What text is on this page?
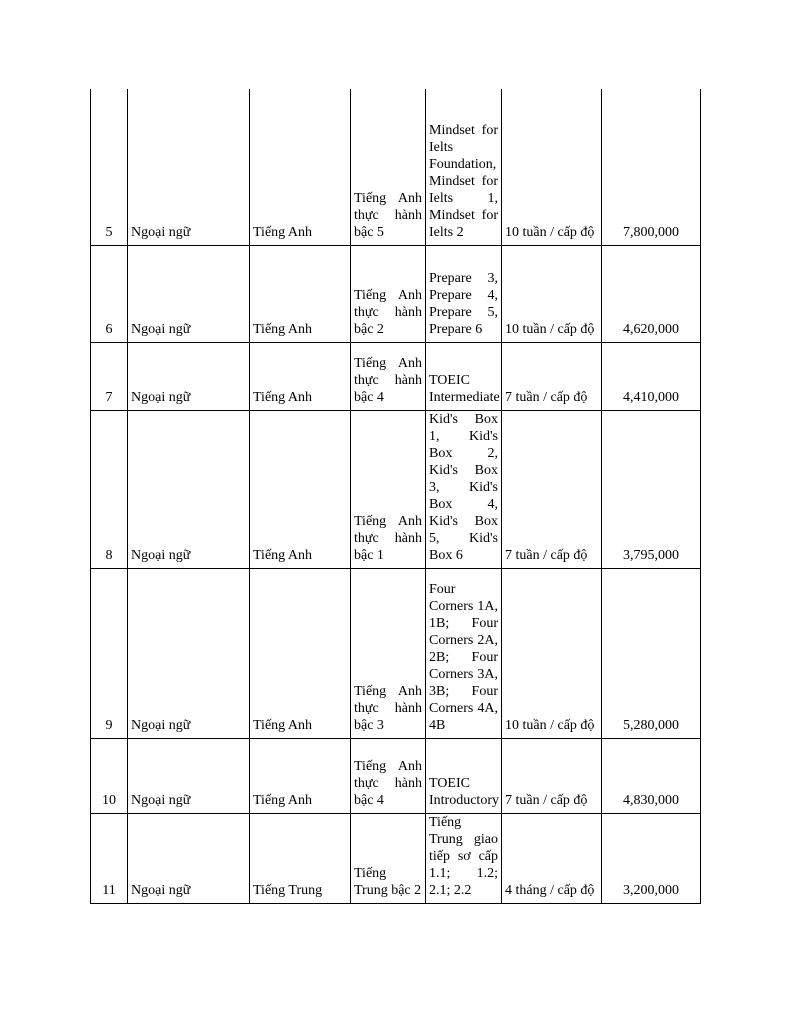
5	Ngoại ngữ	Tiếng Anh	Tiếng Anh thực hành bậc 5	Mindset for Ielts Foundation, Mindset for Ielts 1, Mindset for Ielts 2	10 tuần / cấp độ	7,800,000
6	Ngoại ngữ	Tiếng Anh	Tiếng Anh thực hành bậc 2	Prepare 3, Prepare 4, Prepare 5, Prepare 6	10 tuần / cấp độ	4,620,000
7	Ngoại ngữ	Tiếng Anh	Tiếng Anh thực hành bậc 4	TOEIC Intermediate	7 tuần / cấp độ	4,410,000
8	Ngoại ngữ	Tiếng Anh	Tiếng Anh thực hành bậc 1	Kid's Box 1, Kid's Box 2, Kid's Box 3, Kid's Box 4, Kid's Box 5, Kid's Box 6	7 tuần / cấp độ	3,795,000
9	Ngoại ngữ	Tiếng Anh	Tiếng Anh thực hành bậc 3	Four Corners 1A, 1B; Four Corners 2A, 2B; Four Corners 3A, 3B; Four Corners 4A, 4B	10 tuần / cấp độ	5,280,000
10	Ngoại ngữ	Tiếng Anh	Tiếng Anh thực hành bậc 4	TOEIC Introductory	7 tuần / cấp độ	4,830,000
11	Ngoại ngữ	Tiếng Trung	Tiếng Trung bậc 2	Tiếng Trung giao tiếp sơ cấp 1.1; 1.2; 2.1; 2.2	4 tháng / cấp độ	3,200,000
